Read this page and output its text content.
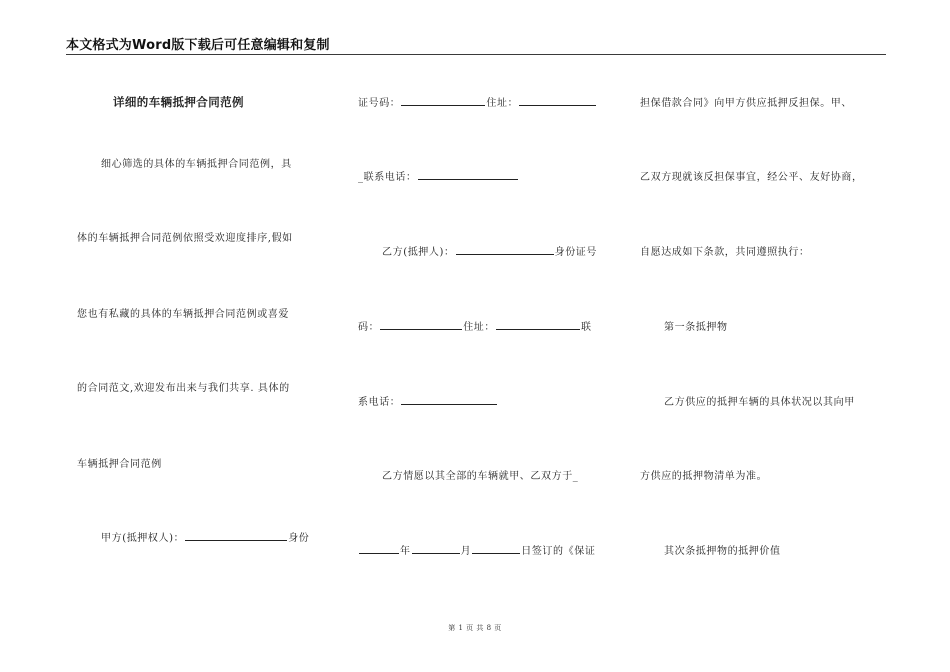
本文格式为Word版下载后可任意编辑和复制
详细的车辆抵押合同范例
细心筛选的具体的车辆抵押合同范例，具
体的车辆抵押合同范例依照受欢迎度排序,假如
您也有私藏的具体的车辆抵押合同范例或喜爱
的合同范文,欢迎发布出来与我们共享. 具体的
车辆抵押合同范例
甲方(抵押权人)：	身份
证号码：	住址：
_联系电话：
乙方(抵押人)：	身份证号
码：	住址：	联
系电话：
乙方情愿以其全部的车辆就甲、乙双方于_
年	月	日签订的《保证
担保借款合同》向甲方供应抵押反担保。甲、
乙双方现就该反担保事宜，经公平、友好协商，
自愿达成如下条款，共同遵照执行：
第一条抵押物
乙方供应的抵押车辆的具体状况以其向甲
方供应的抵押物清单为准。
其次条抵押物的抵押价值
第 1 页 共 8 页
